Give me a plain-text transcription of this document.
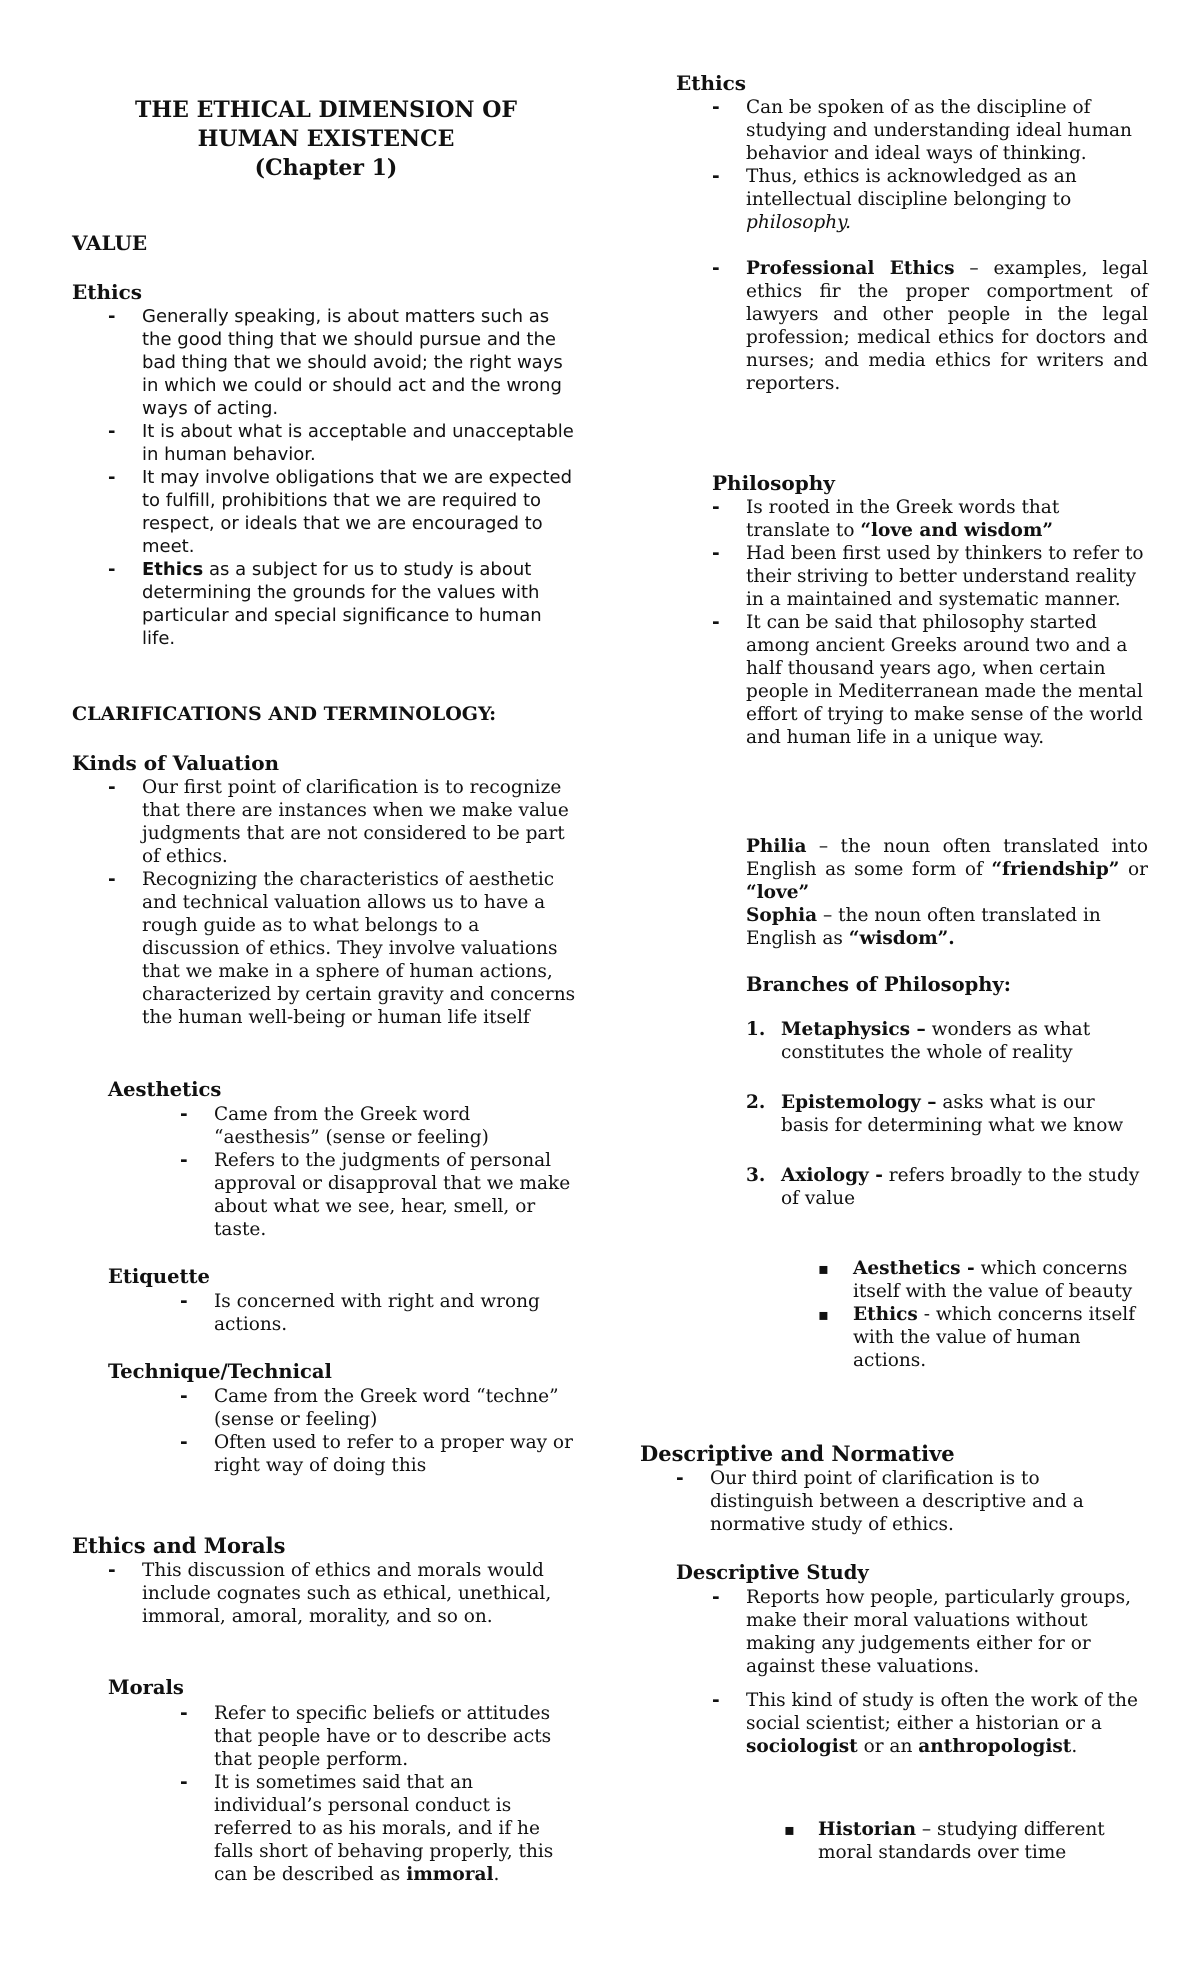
THE ETHICAL DIMENSION OF
HUMAN EXISTENCE
(Chapter 1)
VALUE
Ethics
- Generally speaking, is about matters such as the good thing that we should pursue and the bad thing that we should avoid; the right ways in which we could or should act and the wrong ways of acting.
- It is about what is acceptable and unacceptable in human behavior.
- It may involve obligations that we are expected to fulfill, prohibitions that we are required to respect, or ideals that we are encouraged to meet.
- Ethics as a subject for us to study is about determining the grounds for the values with particular and special significance to human life.
CLARIFICATIONS AND TERMINOLOGY:
Kinds of Valuation
- Our first point of clarification is to recognize that there are instances when we make value judgments that are not considered to be part of ethics.
- Recognizing the characteristics of aesthetic and technical valuation allows us to have a rough guide as to what belongs to a discussion of ethics. They involve valuations that we make in a sphere of human actions, characterized by certain gravity and concerns the human well-being or human life itself
Aesthetics
- Came from the Greek word “aesthesis” (sense or feeling)
- Refers to the judgments of personal approval or disapproval that we make about what we see, hear, smell, or taste.
Etiquette
- Is concerned with right and wrong actions.
Technique/Technical
- Came from the Greek word “techne” (sense or feeling)
- Often used to refer to a proper way or right way of doing this
Ethics and Morals
- This discussion of ethics and morals would include cognates such as ethical, unethical, immoral, amoral, morality, and so on.
Morals
- Refer to specific beliefs or attitudes that people have or to describe acts that people perform.
- It is sometimes said that an individual’s personal conduct is referred to as his morals, and if he falls short of behaving properly, this can be described as immoral.
Ethics
- Can be spoken of as the discipline of studying and understanding ideal human behavior and ideal ways of thinking.
- Thus, ethics is acknowledged as an intellectual discipline belonging to philosophy.
- Professional Ethics – examples, legal ethics fir the proper comportment of lawyers and other people in the legal profession; medical ethics for doctors and nurses; and media ethics for writers and reporters.
Philosophy
- Is rooted in the Greek words that translate to “love and wisdom”
- Had been first used by thinkers to refer to their striving to better understand reality in a maintained and systematic manner.
- It can be said that philosophy started among ancient Greeks around two and a half thousand years ago, when certain people in Mediterranean made the mental effort of trying to make sense of the world and human life in a unique way.

Philia – the noun often translated into English as some form of “friendship” or “love”

Sophia – the noun often translated in English as “wisdom”.

Branches of Philosophy:
1. Metaphysics – wonders as what constitutes the whole of reality
2. Epistemology – asks what is our basis for determining what we know
3. Axiology - refers broadly to the study of value
▪ Aesthetics - which concerns itself with the value of beauty
▪ Ethics - which concerns itself with the value of human actions.
Descriptive and Normative
- Our third point of clarification is to distinguish between a descriptive and a normative study of ethics.
Descriptive Study
- Reports how people, particularly groups, make their moral valuations without making any judgements either for or against these valuations.
- This kind of study is often the work of the social scientist; either a historian or a sociologist or an anthropologist.
▪ Historian – studying different moral standards over time
